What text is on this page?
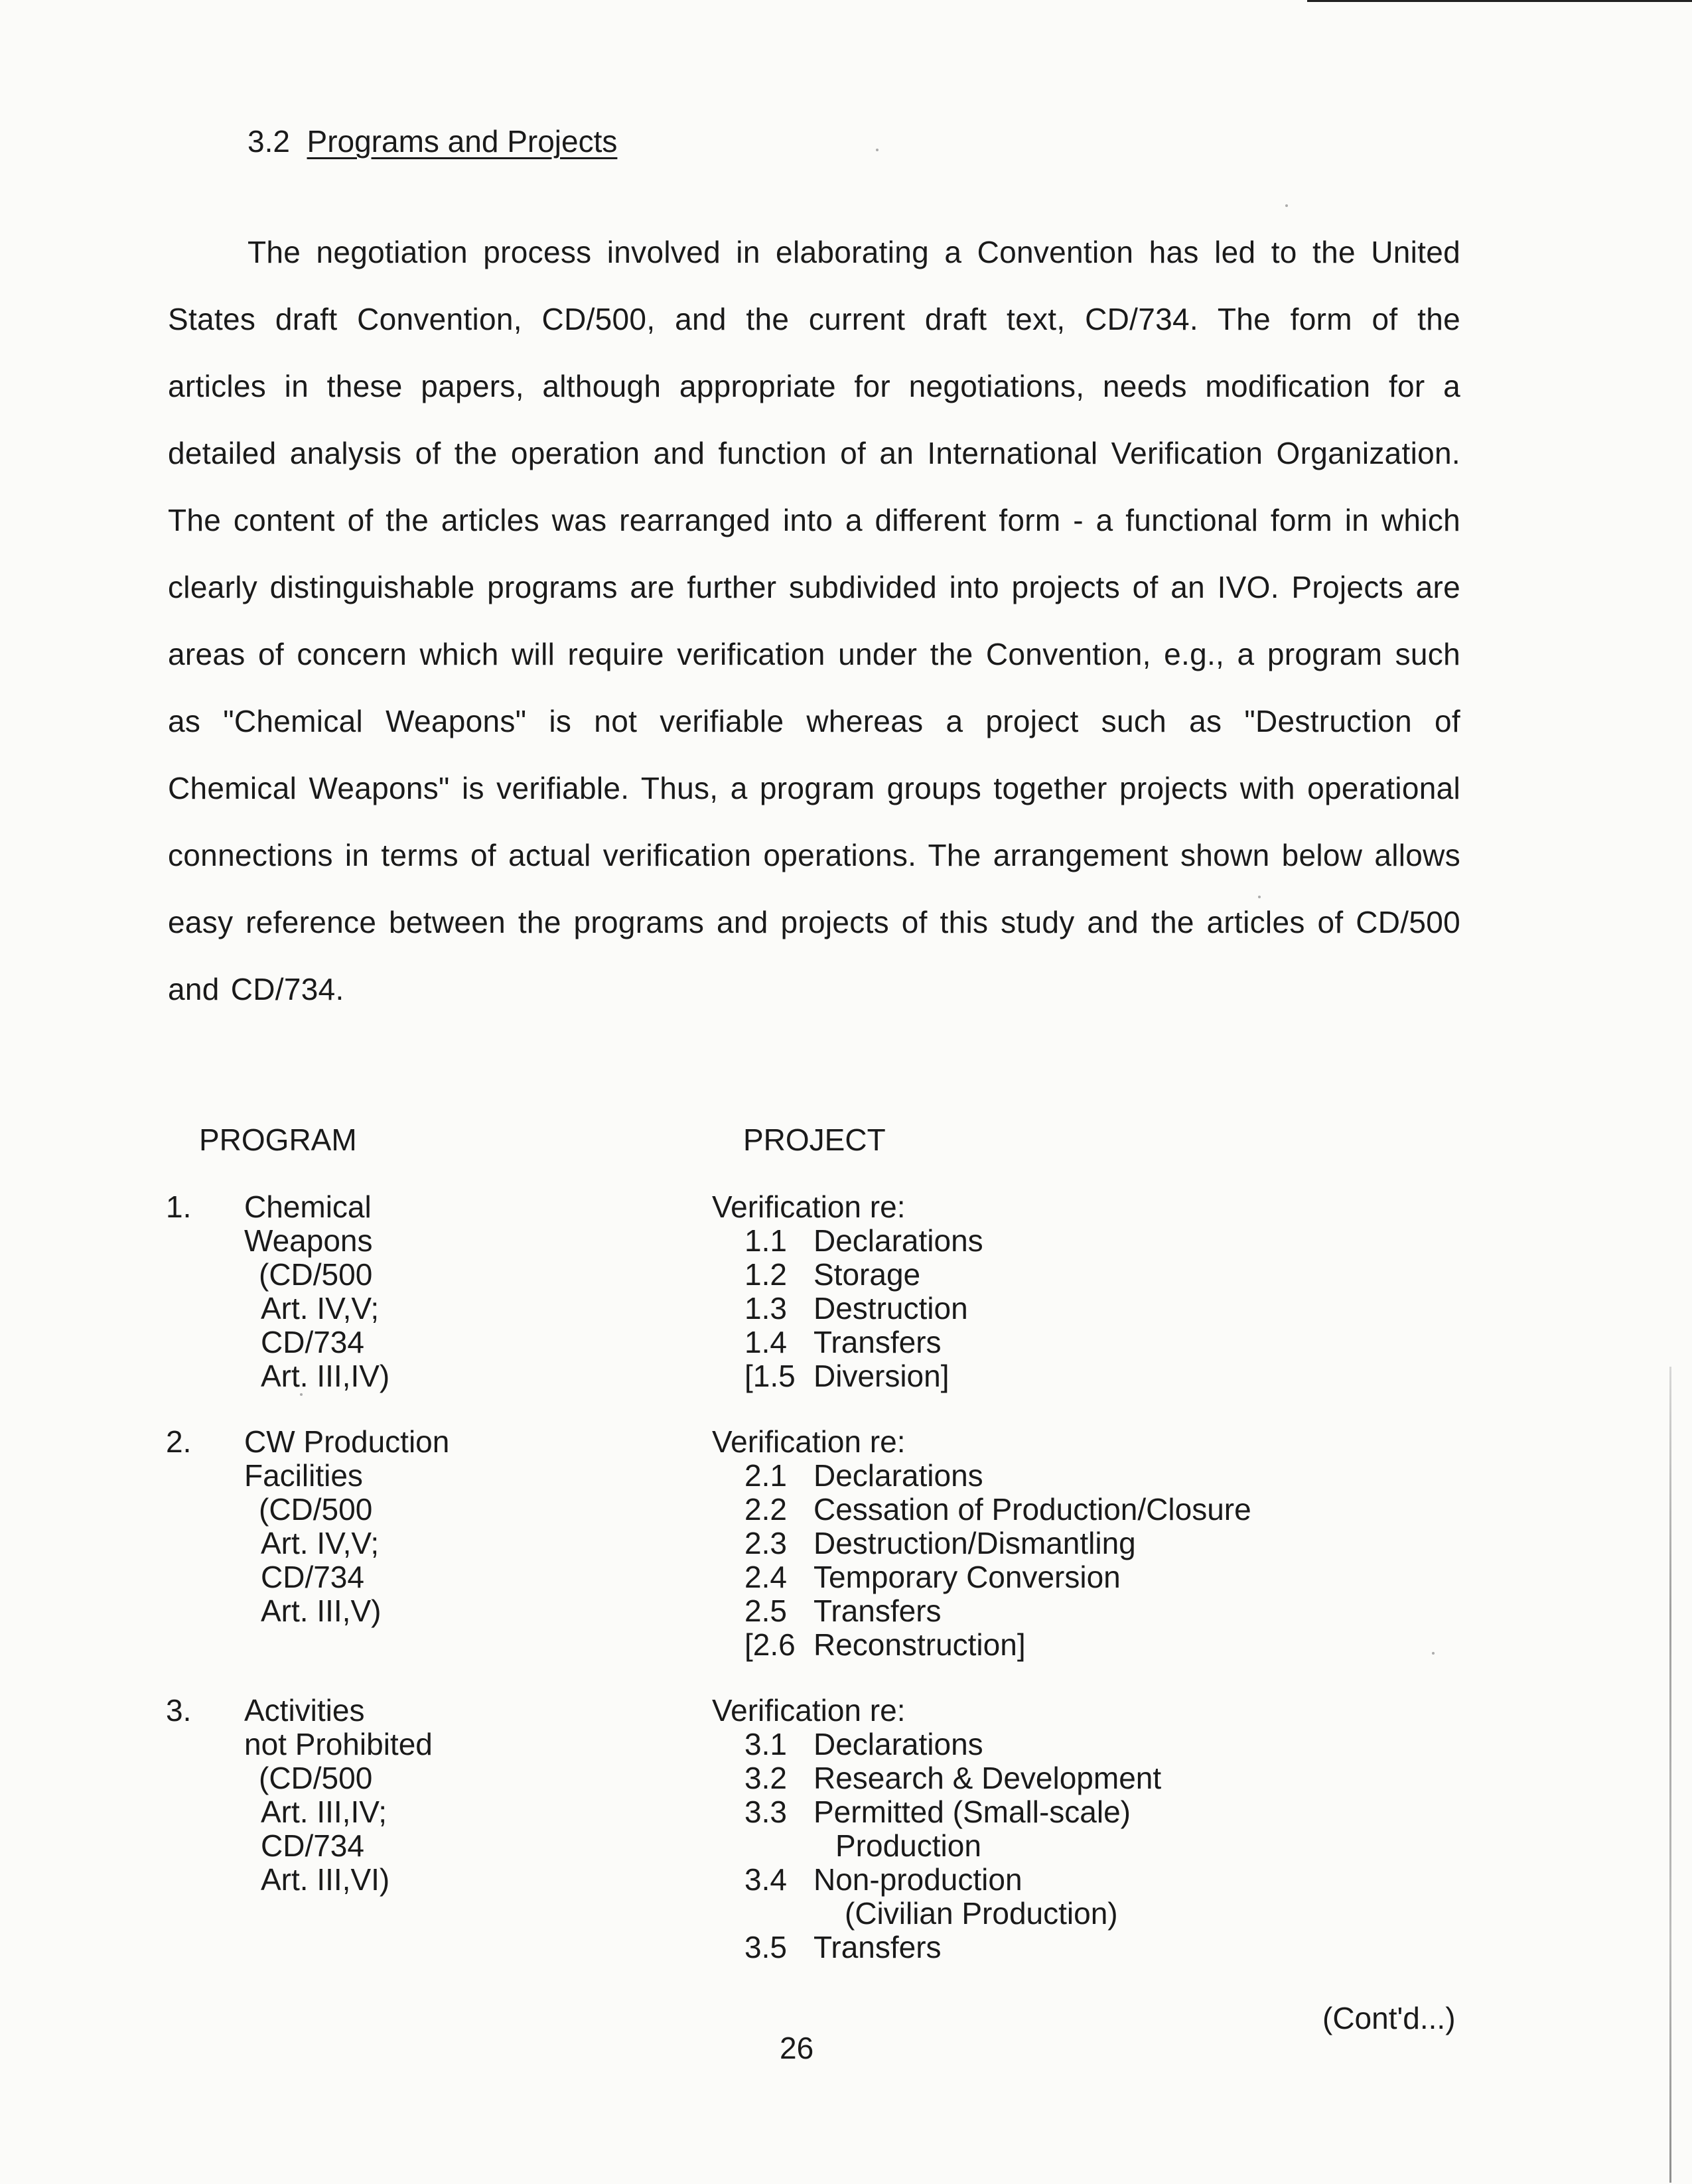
3.2 Programs and Projects
The negotiation process involved in elaborating a Convention has led to the United States draft Convention, CD/500, and the current draft text, CD/734. The form of the articles in these papers, although appropriate for negotiations, needs modification for a detailed analysis of the operation and function of an International Verification Organization. The content of the articles was rearranged into a different form - a functional form in which clearly distinguishable programs are further subdivided into projects of an IVO. Projects are areas of concern which will require verification under the Convention, e.g., a program such as "Chemical Weapons" is not verifiable whereas a project such as "Destruction of Chemical Weapons" is verifiable. Thus, a program groups together projects with operational connections in terms of actual verification operations. The arrangement shown below allows easy reference between the programs and projects of this study and the articles of CD/500 and CD/734.
PROGRAM	PROJECT
1. Chemical
Weapons
(CD/500
Art. IV,V;
CD/734
Art. III,IV)
Verification re:
1.1 Declarations
1.2 Storage
1.3 Destruction
1.4 Transfers
[1.5 Diversion]
2. CW Production
Facilities
(CD/500
Art. IV,V;
CD/734
Art. III,V)
Verification re:
2.1 Declarations
2.2 Cessation of Production/Closure
2.3 Destruction/Dismantling
2.4 Temporary Conversion
2.5 Transfers
[2.6 Reconstruction]
3. Activities
not Prohibited
(CD/500
Art. III,IV;
CD/734
Art. III,VI)
Verification re:
3.1 Declarations
3.2 Research & Development
3.3 Permitted (Small-scale)
Production
3.4 Non-production
(Civilian Production)
3.5 Transfers
(Cont'd...)
26
